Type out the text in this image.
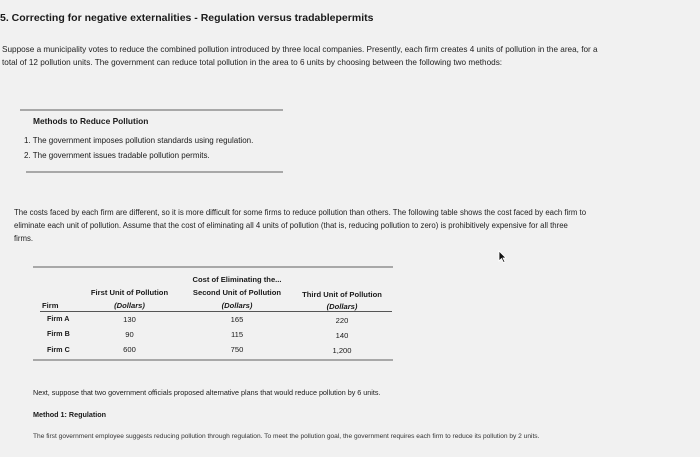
5. Correcting for negative externalities - Regulation versus tradablepermits
Suppose a municipality votes to reduce the combined pollution introduced by three local companies. Presently, each firm creates 4 units of pollution in the area, for a total of 12 pollution units. The government can reduce total pollution in the area to 6 units by choosing between the following two methods:
Methods to Reduce Pollution
1. The government imposes pollution standards using regulation.
2. The government issues tradable pollution permits.
The costs faced by each firm are different, so it is more difficult for some firms to reduce pollution than others. The following table shows the cost faced by each firm to eliminate each unit of pollution. Assume that the cost of eliminating all 4 units of pollution (that is, reducing pollution to zero) is prohibitively expensive for all three firms.
Cost of Eliminating the...
First Unit of Pollution	Second Unit of Pollution	Third Unit of Pollution
Firm	(Dollars)	(Dollars)	(Dollars)
Firm A	130	165	220
Firm B	90	115	140
Firm C	600	750	1,200
Next, suppose that two government officials proposed alternative plans that would reduce pollution by 6 units.
Method 1: Regulation
The first government employee suggests reducing pollution through regulation. To meet the pollution goal, the government requires each firm to reduce its pollution by 2 units.
